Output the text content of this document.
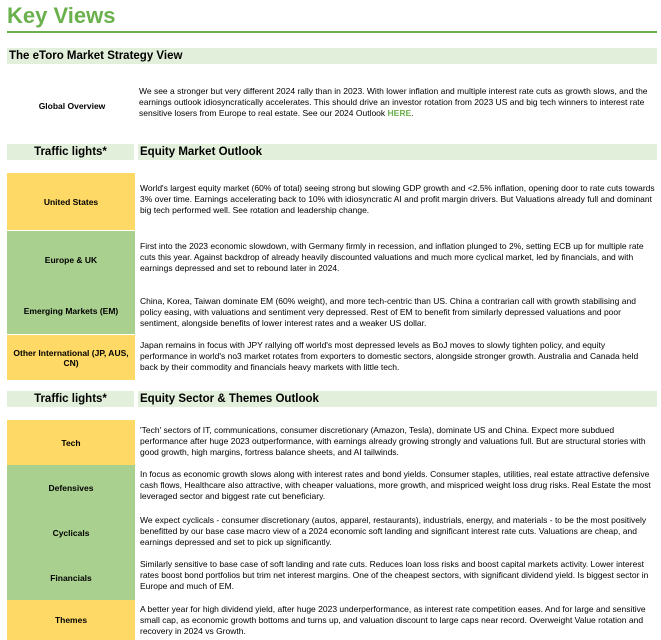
Key Views
The eToro Market Strategy View
Global Overview
We see a stronger but very different 2024 rally than in 2023. With lower inflation and multiple interest rate cuts as growth slows, and the earnings outlook idiosyncratically accelerates. This should drive an investor rotation from 2023 US and big tech winners to interest rate sensitive losers from Europe to real estate. See our 2024 Outlook HERE.
Traffic lights*	Equity Market Outlook
United States
World's largest equity market (60% of total) seeing strong but slowing GDP growth and <2.5% inflation, opening door to rate cuts towards 3% over time. Earnings accelerating back to 10% with idiosyncratic AI and profit margin drivers. But Valuations already full and dominant big tech performed well. See rotation and leadership change.
Europe & UK
First into the 2023 economic slowdown, with Germany firmly in recession, and inflation plunged to 2%, setting ECB up for multiple rate cuts this year. Against backdrop of already heavily discounted valuations and much more cyclical market, led by financials, and with earnings depressed and set to rebound later in 2024.
Emerging Markets (EM)
China, Korea, Taiwan dominate EM (60% weight), and more tech-centric than US. China a contrarian call with growth stabilising and policy easing, with valuations and sentiment very depressed. Rest of EM to benefit from similarly depressed valuations and poor sentiment, alongside benefits of lower interest rates and a weaker US dollar.
Other International (JP, AUS, CN)
Japan remains in focus with JPY rallying off world's most depressed levels as BoJ moves to slowly tighten policy, and equity performance in world's no3 market rotates from exporters to domestic sectors, alongside stronger growth. Australia and Canada held back by their commodity and financials heavy markets with little tech.
Traffic lights*	Equity Sector & Themes Outlook
Tech
'Tech' sectors of IT, communications, consumer discretionary (Amazon, Tesla), dominate US and China. Expect more subdued performance after huge 2023 outperformance, with earnings already growing strongly and valuations full. But are structural stories with good growth, high margins, fortress balance sheets, and AI tailwinds.
Defensives
In focus as economic growth slows along with interest rates and bond yields. Consumer staples, utilities, real estate attractive defensive cash flows, Healthcare also attractive, with cheaper valuations, more growth, and mispriced weight loss drug risks. Real Estate the most leveraged sector and biggest rate cut beneficiary.
Cyclicals
We expect cyclicals - consumer discretionary (autos, apparel, restaurants), industrials, energy, and materials - to be the most positively benefitted by our base case macro view of a 2024 economic soft landing and significant interest rate cuts. Valuations are cheap, and earnings depressed and set to pick up significantly.
Financials
Similarly sensitive to base case of soft landing and rate cuts. Reduces loan loss risks and boost capital markets activity. Lower interest rates boost bond portfolios but trim net interest margins. One of the cheapest sectors, with significant dividend yield. Is biggest sector in Europe and much of EM.
Themes
A better year for high dividend yield, after huge 2023 underperformance, as interest rate competition eases. And for large and sensitive small cap, as economic growth bottoms and turns up, and valuation discount to large caps near record. Overweight Value rotation and recovery in 2024 vs Growth.
